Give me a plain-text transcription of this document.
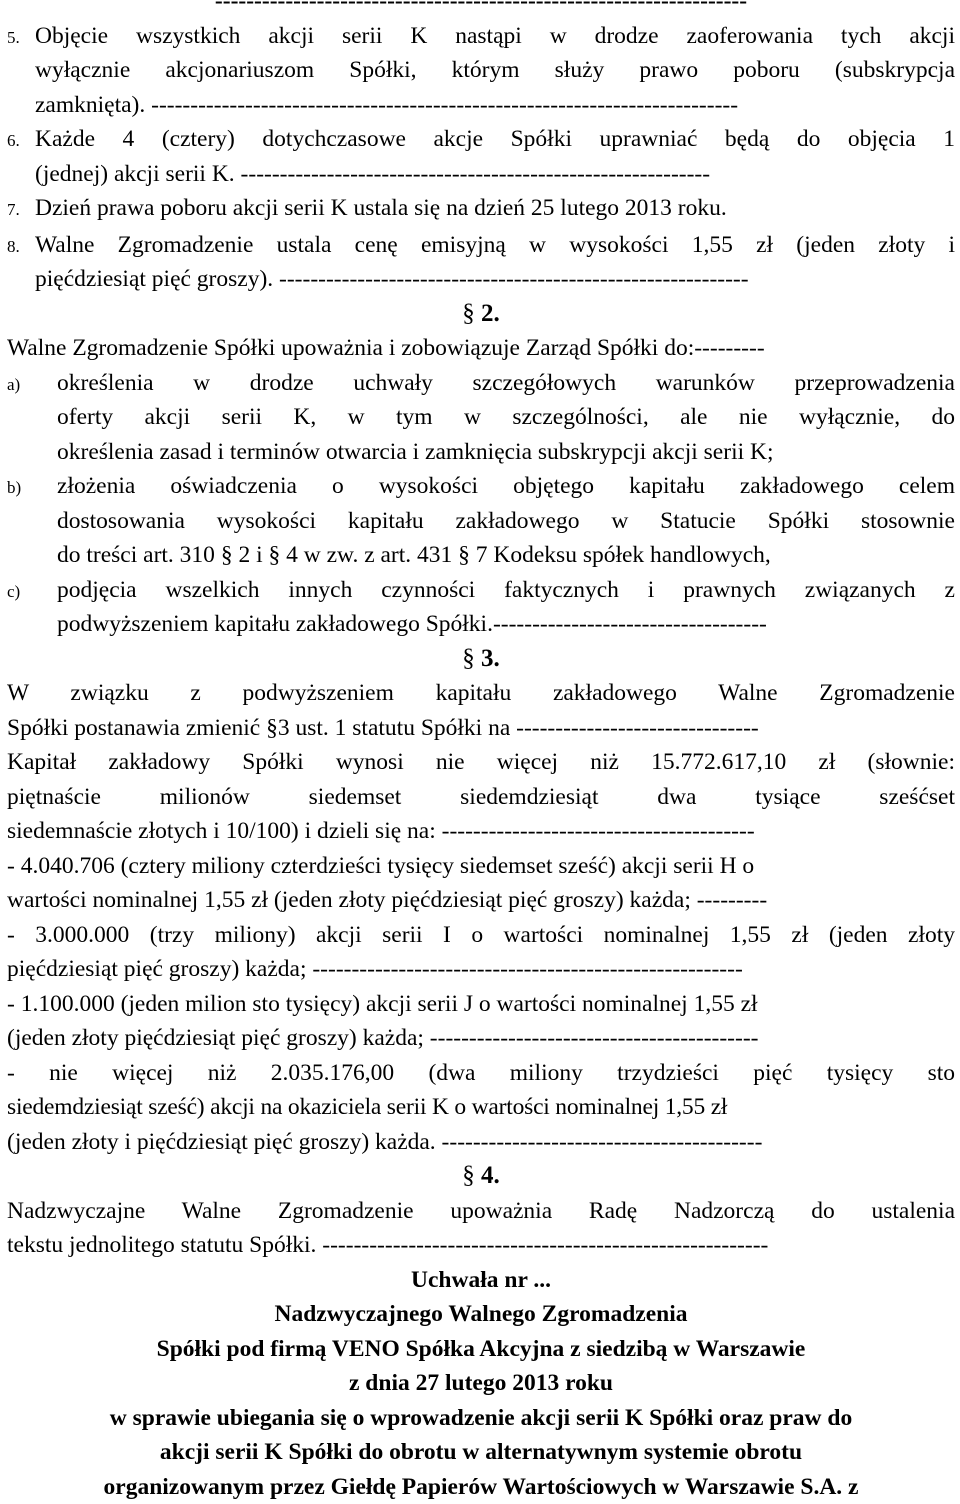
--------------------------------------------------------------------
5. Objęcie wszystkich akcji serii K nastąpi w drodze zaoferowania tych akcji
wyłącznie akcjonariuszom Spółki, którym służy prawo poboru (subskrypcja
zamknięta). ---------------------------------------------------------------------------
6. Każde 4 (cztery) dotychczasowe akcje Spółki uprawniać będą do objęcia 1
(jednej) akcji serii K. ------------------------------------------------------------
7. Dzień prawa poboru akcji serii K ustala się na dzień 25 lutego 2013 roku.
8. Walne Zgromadzenie ustala cenę emisyjną w wysokości 1,55 zł (jeden złoty i
pięćdziesiąt pięć groszy). ------------------------------------------------------------
§ 2.
Walne Zgromadzenie Spółki upoważnia i zobowiązuje Zarząd Spółki do:---------
a) określenia w drodze uchwały szczegółowych warunków przeprowadzenia
oferty akcji serii K, w tym w szczególności, ale nie wyłącznie, do
określenia zasad i terminów otwarcia i zamknięcia subskrypcji akcji serii K;
b) złożenia oświadczenia o wysokości objętego kapitału zakładowego celem
dostosowania wysokości kapitału zakładowego w Statucie Spółki stosownie
do treści art. 310 § 2 i § 4 w zw. z art. 431 § 7 Kodeksu spółek handlowych,
c) podjęcia wszelkich innych czynności faktycznych i prawnych związanych z
podwyższeniem kapitału zakładowego Spółki.-----------------------------------
§ 3.
W związku z podwyższeniem kapitału zakładowego Walne Zgromadzenie
Spółki postanawia zmienić §3 ust. 1 statutu Spółki na -------------------------------
Kapitał zakładowy Spółki wynosi nie więcej niż 15.772.617,10 zł (słownie:
piętnaście milionów siedemset siedemdziesiąt dwa tysiące sześćset
siedemnaście złotych i 10/100) i dzieli się na: ----------------------------------------
- 4.040.706 (cztery miliony czterdzieści tysięcy siedemset sześć) akcji serii H o
wartości nominalnej 1,55 zł (jeden złoty pięćdziesiąt pięć groszy) każda; ---------
- 3.000.000 (trzy miliony) akcji serii I o wartości nominalnej 1,55 zł (jeden złoty
pięćdziesiąt pięć groszy) każda; -------------------------------------------------------
- 1.100.000 (jeden milion sto tysięcy) akcji serii J o wartości nominalnej 1,55 zł
(jeden złoty pięćdziesiąt pięć groszy) każda; ------------------------------------------
- nie więcej niż 2.035.176,00 (dwa miliony trzydzieści pięć tysięcy sto
siedemdziesiąt sześć) akcji na okaziciela serii K o wartości nominalnej 1,55 zł
(jeden złoty i pięćdziesiąt pięć groszy) każda. -----------------------------------------
§ 4.
Nadzwyczajne Walne Zgromadzenie upoważnia Radę Nadzorczą do ustalenia
tekstu jednolitego statutu Spółki. ---------------------------------------------------------
Uchwała nr ...
Nadzwyczajnego Walnego Zgromadzenia
Spółki pod firmą VENO Spółka Akcyjna z siedzibą w Warszawie
z dnia 27 lutego 2013 roku
w sprawie ubiegania się o wprowadzenie akcji serii K Spółki oraz praw do
akcji serii K Spółki do obrotu w alternatywnym systemie obrotu
organizowanym przez Giełdę Papierów Wartościowych w Warszawie S.A. z
